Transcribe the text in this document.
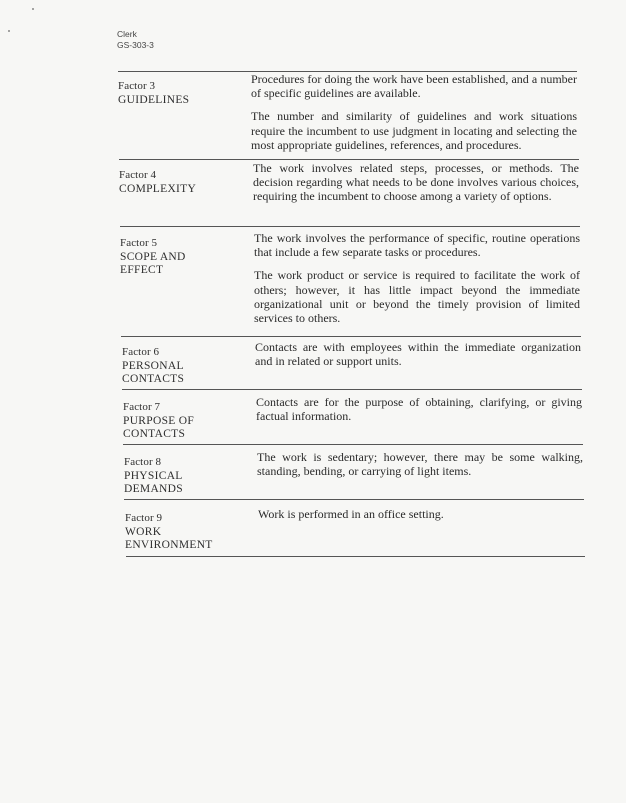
Clerk
GS-303-3
Factor 3
GUIDELINES

Procedures for doing the work have been established, and a number of specific guidelines are available.

The number and similarity of guidelines and work situations require the incumbent to use judgment in locating and selecting the most appropriate guidelines, references, and procedures.

Factor 4
COMPLEXITY

The work involves related steps, processes, or methods. The decision regarding what needs to be done involves various choices, requiring the incumbent to choose among a variety of options.

Factor 5
SCOPE AND
EFFECT

The work involves the performance of specific, routine operations that include a few separate tasks or procedures.

The work product or service is required to facilitate the work of others; however, it has little impact beyond the immediate organizational unit or beyond the timely provision of limited services to others.

Factor 6
PERSONAL
CONTACTS

Contacts are with employees within the immediate organization and in related or support units.

Factor 7
PURPOSE OF
CONTACTS

Contacts are for the purpose of obtaining, clarifying, or giving factual information.

Factor 8
PHYSICAL
DEMANDS

The work is sedentary; however, there may be some walking, standing, bending, or carrying of light items.

Factor 9
WORK
ENVIRONMENT

Work is performed in an office setting.
